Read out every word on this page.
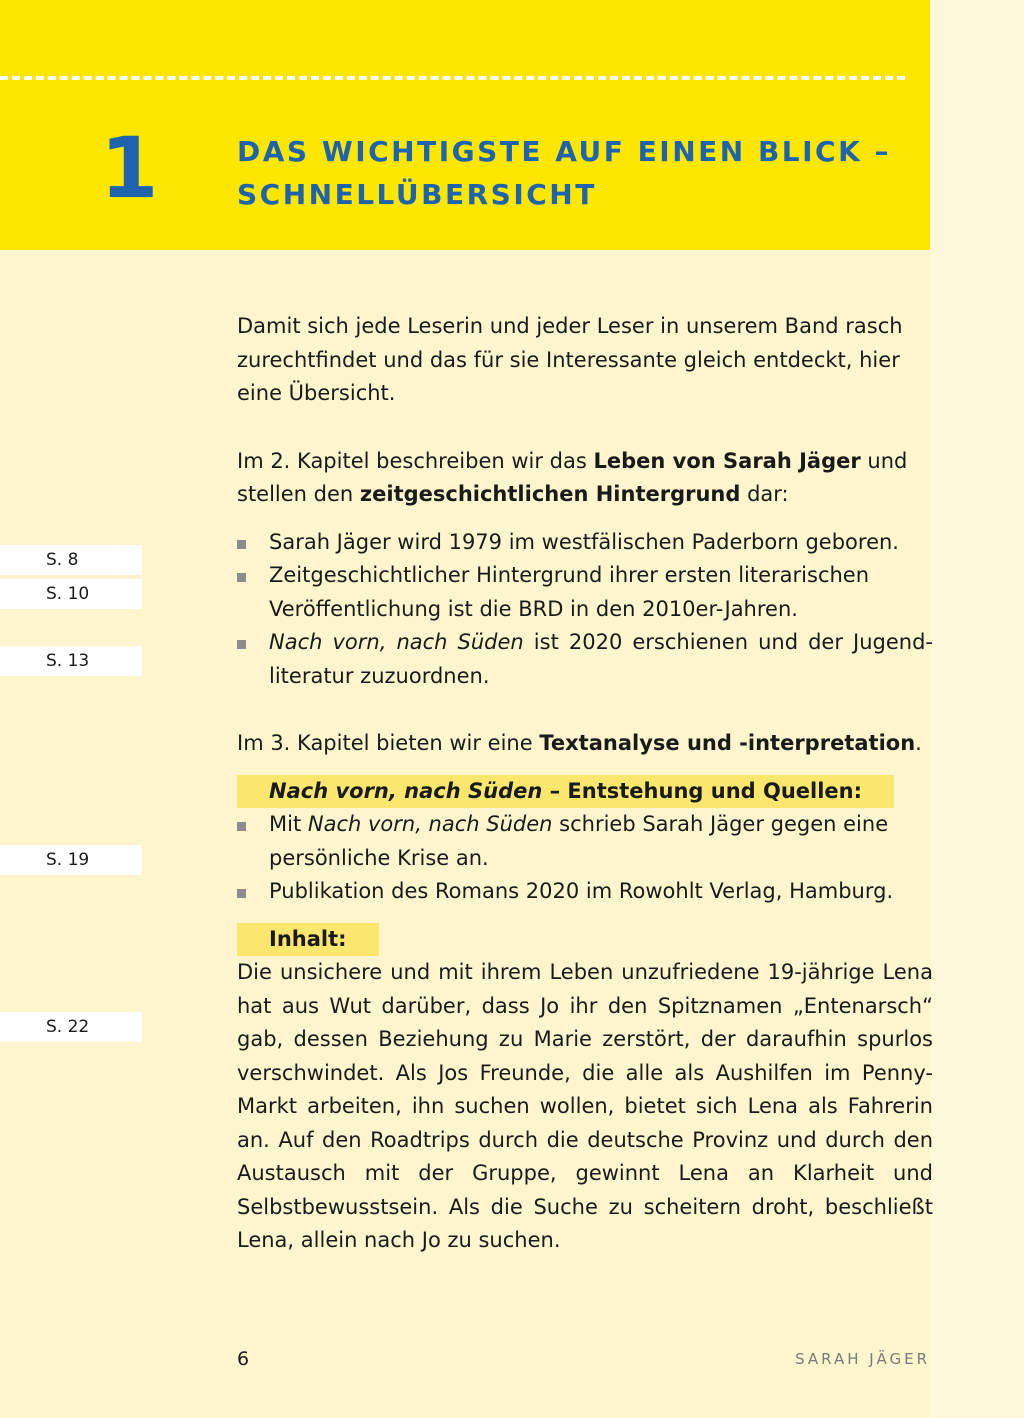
1	DAS WICHTIGSTE AUF EINEN BLICK –
SCHNELLÜBERSICHT
S. 8
S. 10
S. 13
S. 19
S. 22

Damit sich jede Leserin und jeder Leser in unserem Band rasch zurechtfindet und das für sie Interessante gleich entdeckt, hier eine Übersicht.

Im 2. Kapitel beschreiben wir das Leben von Sarah Jäger und stellen den zeitgeschichtlichen Hintergrund dar:

Sarah Jäger wird 1979 im westfälischen Paderborn geboren.
Zeitgeschichtlicher Hintergrund ihrer ersten literarischen Veröffentlichung ist die BRD in den 2010er-Jahren.
Nach vorn, nach Süden ist 2020 erschienen und der Jugend-literatur zuzuordnen.

Im 3. Kapitel bieten wir eine Textanalyse und -interpretation.

Nach vorn, nach Süden – Entstehung und Quellen:
Mit Nach vorn, nach Süden schrieb Sarah Jäger gegen eine persönliche Krise an.
Publikation des Romans 2020 im Rowohlt Verlag, Hamburg.
Inhalt:

Die unsichere und mit ihrem Leben unzufriedene 19-jährige Lena hat aus Wut darüber, dass Jo ihr den Spitznamen „Entenarsch“ gab, dessen Beziehung zu Marie zerstört, der daraufhin spurlos verschwindet. Als Jos Freunde, die alle als Aushilfen im Penny-Markt arbeiten, ihn suchen wollen, bietet sich Lena als Fahrerin an. Auf den Roadtrips durch die deutsche Provinz und durch den Austausch mit der Gruppe, gewinnt Lena an Klarheit und Selbstbewusstsein. Als die Suche zu scheitern droht, beschließt Lena, allein nach Jo zu suchen.

6	SARAH JÄGER
